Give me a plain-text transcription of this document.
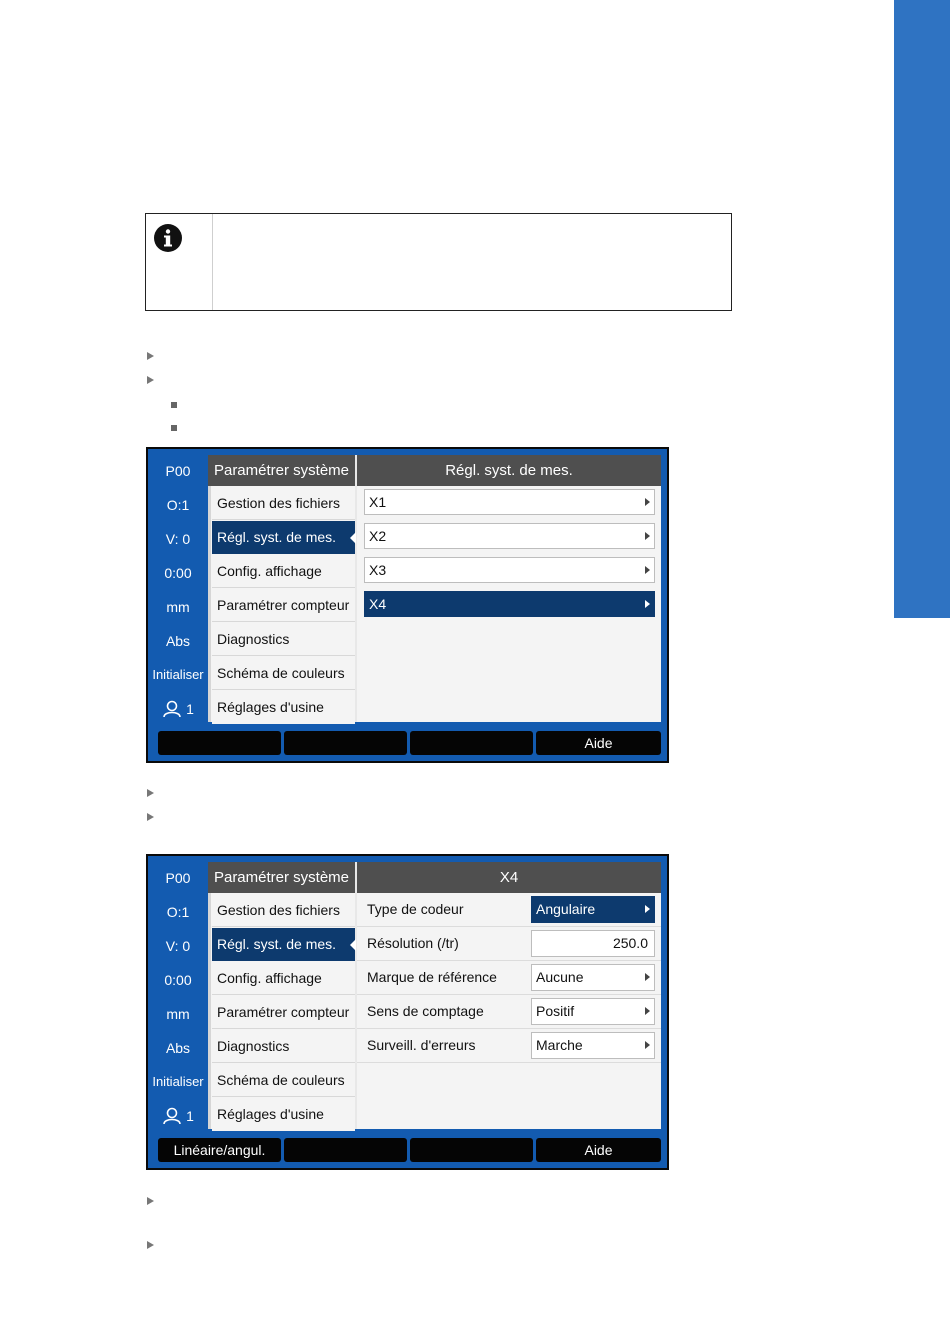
P00
O:1
V: 0
0:00
mm
Abs
Initialiser
1
Paramétrer système	Régl. syst. de mes.
Gestion des fichiers
Régl. syst. de mes.
Config. affichage
Paramétrer compteur
Diagnostics
Schéma de couleurs
Réglages d'usine
X1
X2
X3
X4
Aide
P00
O:1
V: 0
0:00
mm
Abs
Initialiser
1
Paramétrer système	X4
Gestion des fichiers
Régl. syst. de mes.
Config. affichage
Paramétrer compteur
Diagnostics
Schéma de couleurs
Réglages d'usine
Type de codeur	Angulaire
Résolution (/tr)	250.0
Marque de référence	Aucune
Sens de comptage	Positif
Surveill. d'erreurs	Marche
Linéaire/angul.	Aide
